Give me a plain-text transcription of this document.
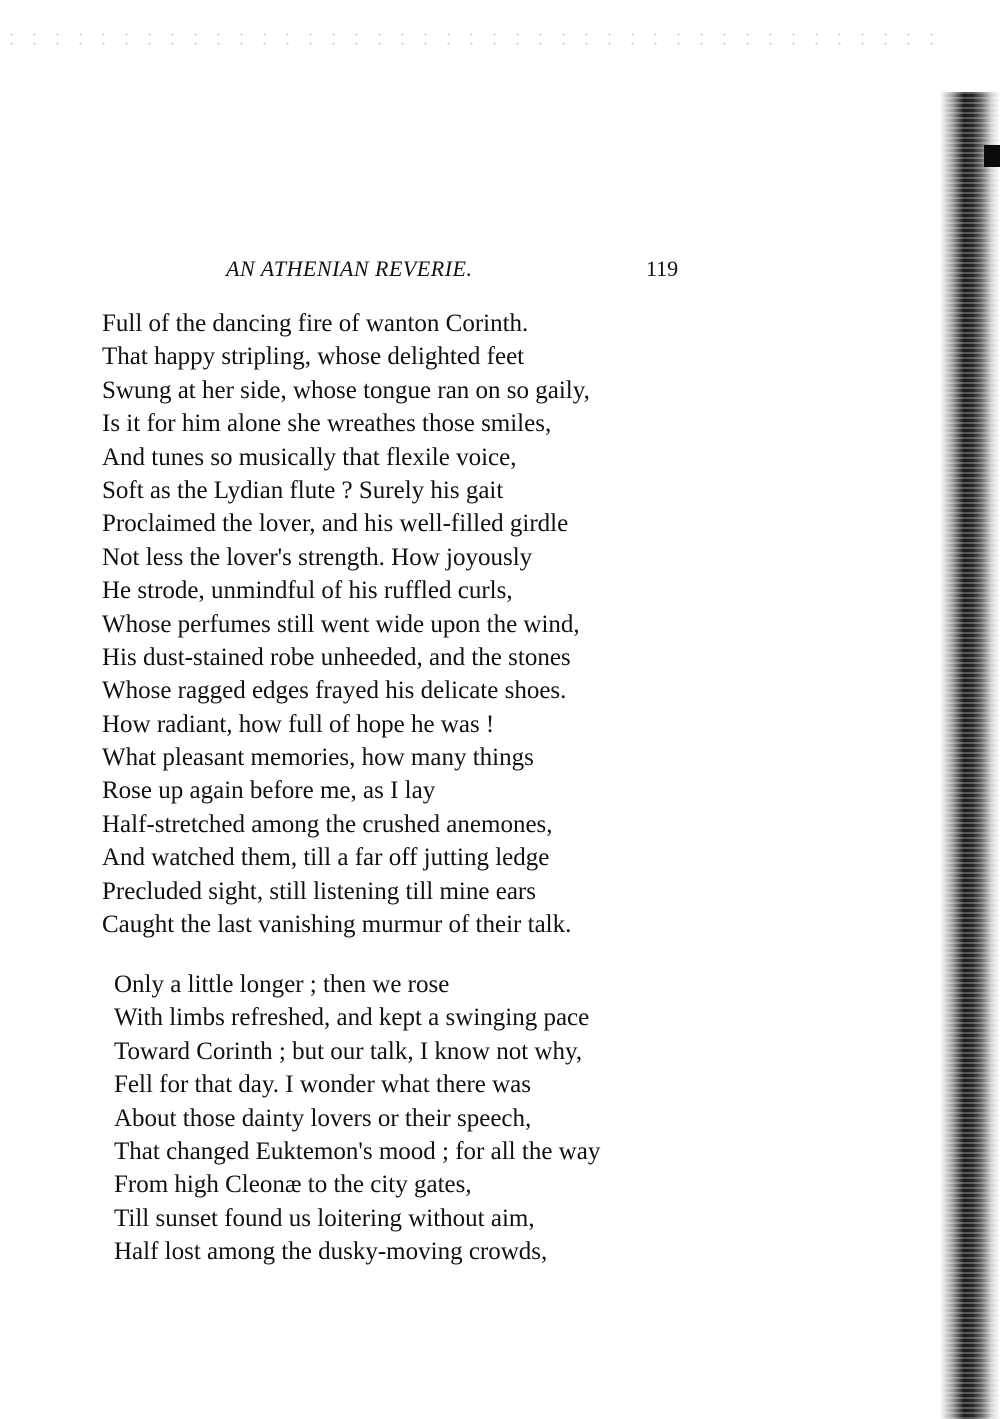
AN ATHENIAN REVERIE.	119
Full of the dancing fire of wanton Corinth.
That happy stripling, whose delighted feet
Swung at her side, whose tongue ran on so gaily,
Is it for him alone she wreathes those smiles,
And tunes so musically that flexile voice,
Soft as the Lydian flute ? Surely his gait
Proclaimed the lover, and his well-filled girdle
Not less the lover's strength. How joyously
He strode, unmindful of his ruffled curls,
Whose perfumes still went wide upon the wind,
His dust-stained robe unheeded, and the stones
Whose ragged edges frayed his delicate shoes.
How radiant, how full of hope he was !
What pleasant memories, how many things
Rose up again before me, as I lay
Half-stretched among the crushed anemones,
And watched them, till a far off jutting ledge
Precluded sight, still listening till mine ears
Caught the last vanishing murmur of their talk.
Only a little longer ; then we rose
With limbs refreshed, and kept a swinging pace
Toward Corinth ; but our talk, I know not why,
Fell for that day. I wonder what there was
About those dainty lovers or their speech,
That changed Euktemon's mood ; for all the way
From high Cleonæ to the city gates,
Till sunset found us loitering without aim,
Half lost among the dusky-moving crowds,
